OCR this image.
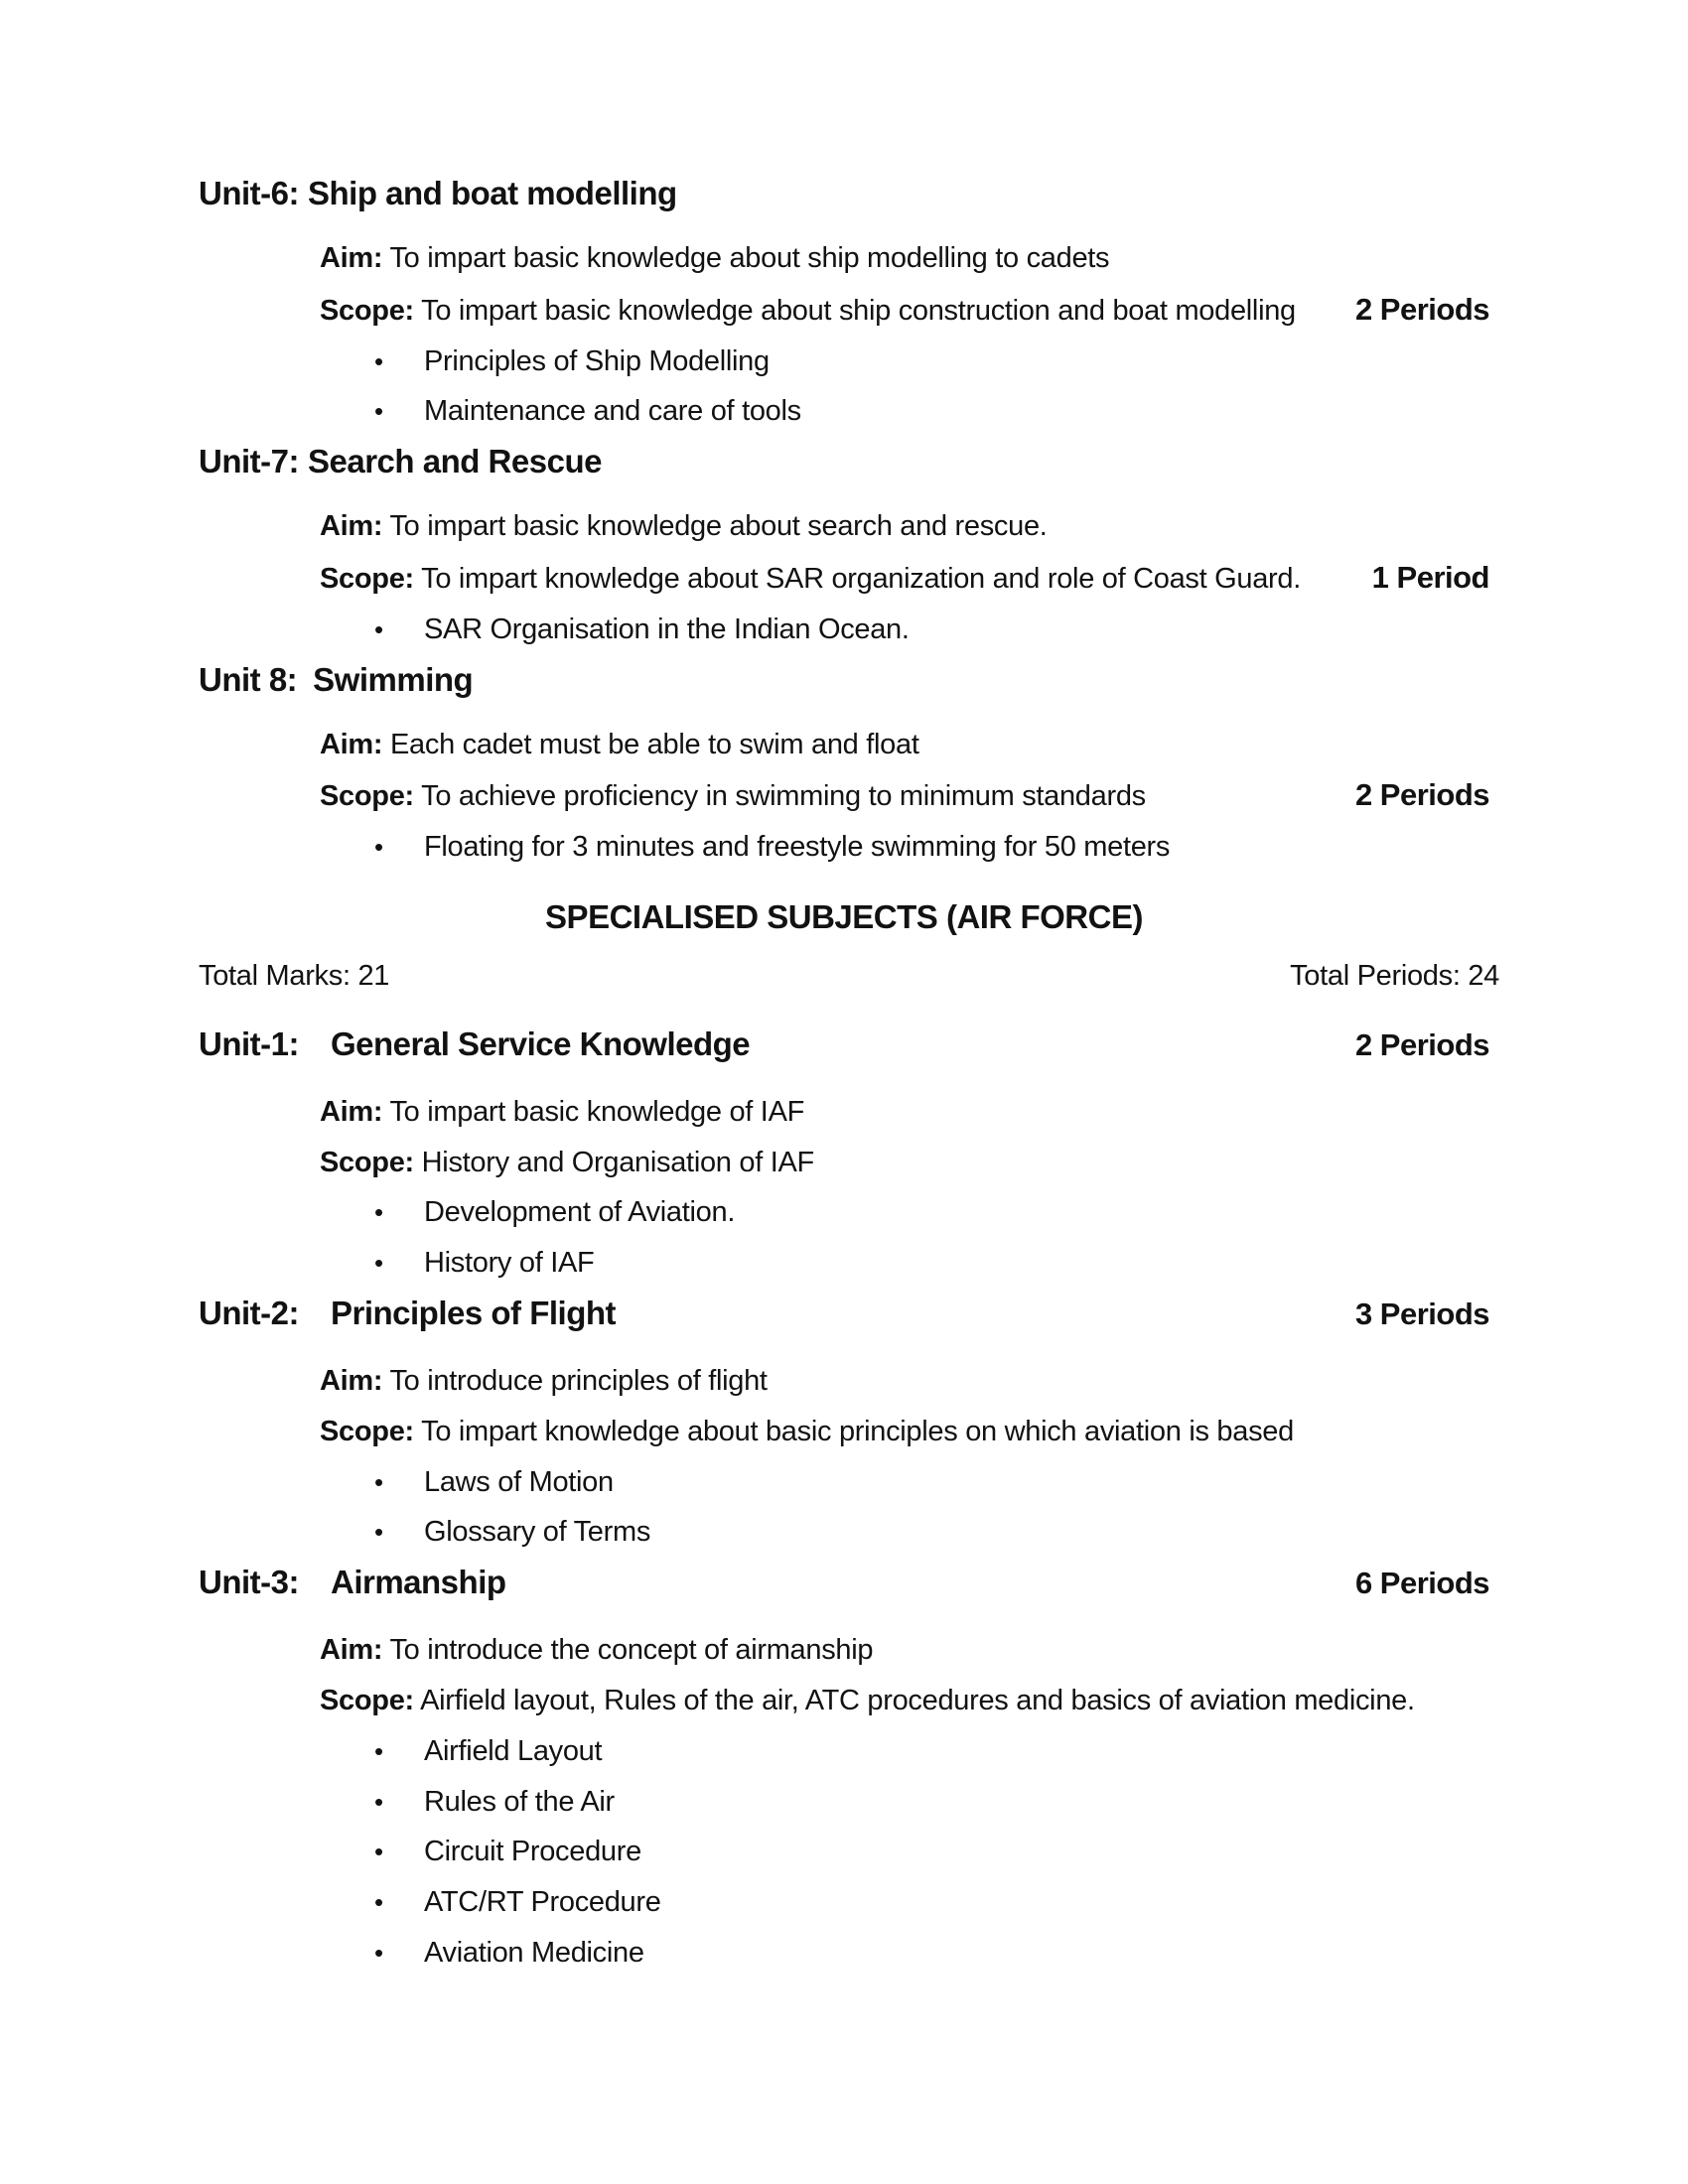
Unit-6: Ship and boat modelling

Aim: To impart basic knowledge about ship modelling to cadets

Scope: To impart basic knowledge about ship construction and boat modelling 2 Periods
•	Principles of Ship Modelling
•	Maintenance and care of tools
Unit-7: Search and Rescue

Aim: To impart basic knowledge about search and rescue.

Scope: To impart knowledge about SAR organization and role of Coast Guard. 1 Period
•	SAR Organisation in the Indian Ocean.
Unit 8: Swimming

Aim: Each cadet must be able to swim and float

Scope: To achieve proficiency in swimming to minimum standards	2 Periods
•	Floating for 3 minutes and freestyle swimming for 50 meters
SPECIALISED SUBJECTS (AIR FORCE)
Total Marks: 21	Total Periods: 24
Unit-1: General Service Knowledge	2 Periods

Aim: To impart basic knowledge of IAF

Scope: History and Organisation of IAF

•	Development of Aviation.
•	History of IAF
Unit-2: Principles of Flight	3 Periods

Aim: To introduce principles of flight

Scope: To impart knowledge about basic principles on which aviation is based

•	Laws of Motion
•	Glossary of Terms
Unit-3: Airmanship	6 Periods

Aim: To introduce the concept of airmanship

Scope: Airfield layout, Rules of the air, ATC procedures and basics of aviation medicine.

•	Airfield Layout
•	Rules of the Air
•	Circuit Procedure
•	ATC/RT Procedure
•	Aviation Medicine
